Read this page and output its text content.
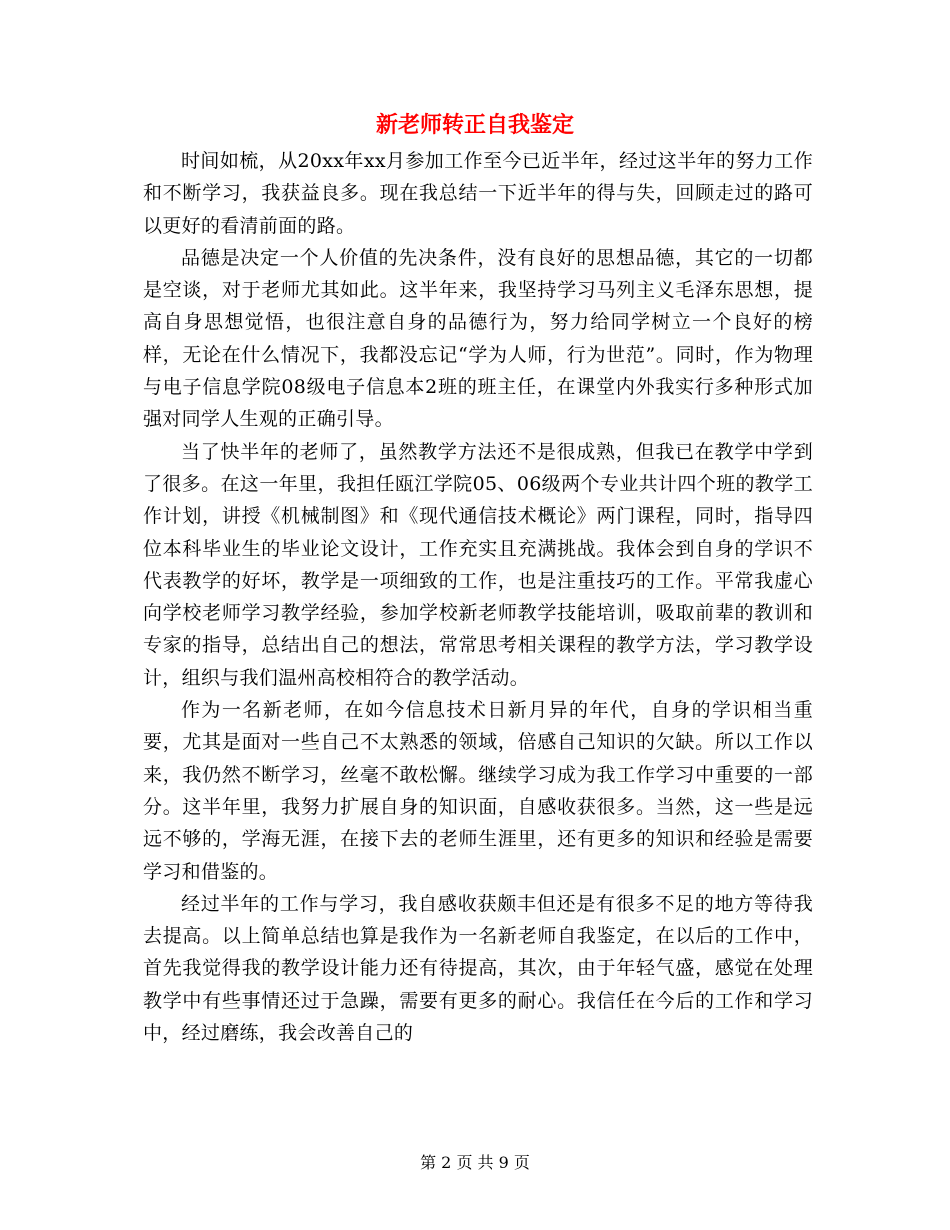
新老师转正自我鉴定

时间如梳，从20xx年xx月参加工作至今已近半年，经过这半年的努力工作和不断学习，我获益良多。现在我总结一下近半年的得与失，回顾走过的路可以更好的看清前面的路。

品德是决定一个人价值的先决条件，没有良好的思想品德，其它的一切都是空谈，对于老师尤其如此。这半年来，我坚持学习马列主义毛泽东思想，提高自身思想觉悟，也很注意自身的品德行为，努力给同学树立一个良好的榜样，无论在什么情况下，我都没忘记“学为人师，行为世范”。同时，作为物理与电子信息学院08级电子信息本2班的班主任，在课堂内外我实行多种形式加强对同学人生观的正确引导。

当了快半年的老师了，虽然教学方法还不是很成熟，但我已在教学中学到了很多。在这一年里，我担任瓯江学院05、06级两个专业共计四个班的教学工作计划，讲授《机械制图》和《现代通信技术概论》两门课程，同时，指导四位本科毕业生的毕业论文设计，工作充实且充满挑战。我体会到自身的学识不代表教学的好坏，教学是一项细致的工作，也是注重技巧的工作。平常我虚心向学校老师学习教学经验，参加学校新老师教学技能培训，吸取前辈的教训和专家的指导，总结出自己的想法，常常思考相关课程的教学方法，学习教学设计，组织与我们温州高校相符合的教学活动。

作为一名新老师，在如今信息技术日新月异的年代，自身的学识相当重要，尤其是面对一些自己不太熟悉的领域，倍感自己知识的欠缺。所以工作以来，我仍然不断学习，丝毫不敢松懈。继续学习成为我工作学习中重要的一部分。这半年里，我努力扩展自身的知识面，自感收获很多。当然，这一些是远远不够的，学海无涯，在接下去的老师生涯里，还有更多的知识和经验是需要学习和借鉴的。

经过半年的工作与学习，我自感收获颇丰但还是有很多不足的地方等待我去提高。以上简单总结也算是我作为一名新老师自我鉴定，在以后的工作中，首先我觉得我的教学设计能力还有待提高，其次，由于年轻气盛，感觉在处理教学中有些事情还过于急躁，需要有更多的耐心。我信任在今后的工作和学习中，经过磨练，我会改善自己的

第 2 页 共 9 页
